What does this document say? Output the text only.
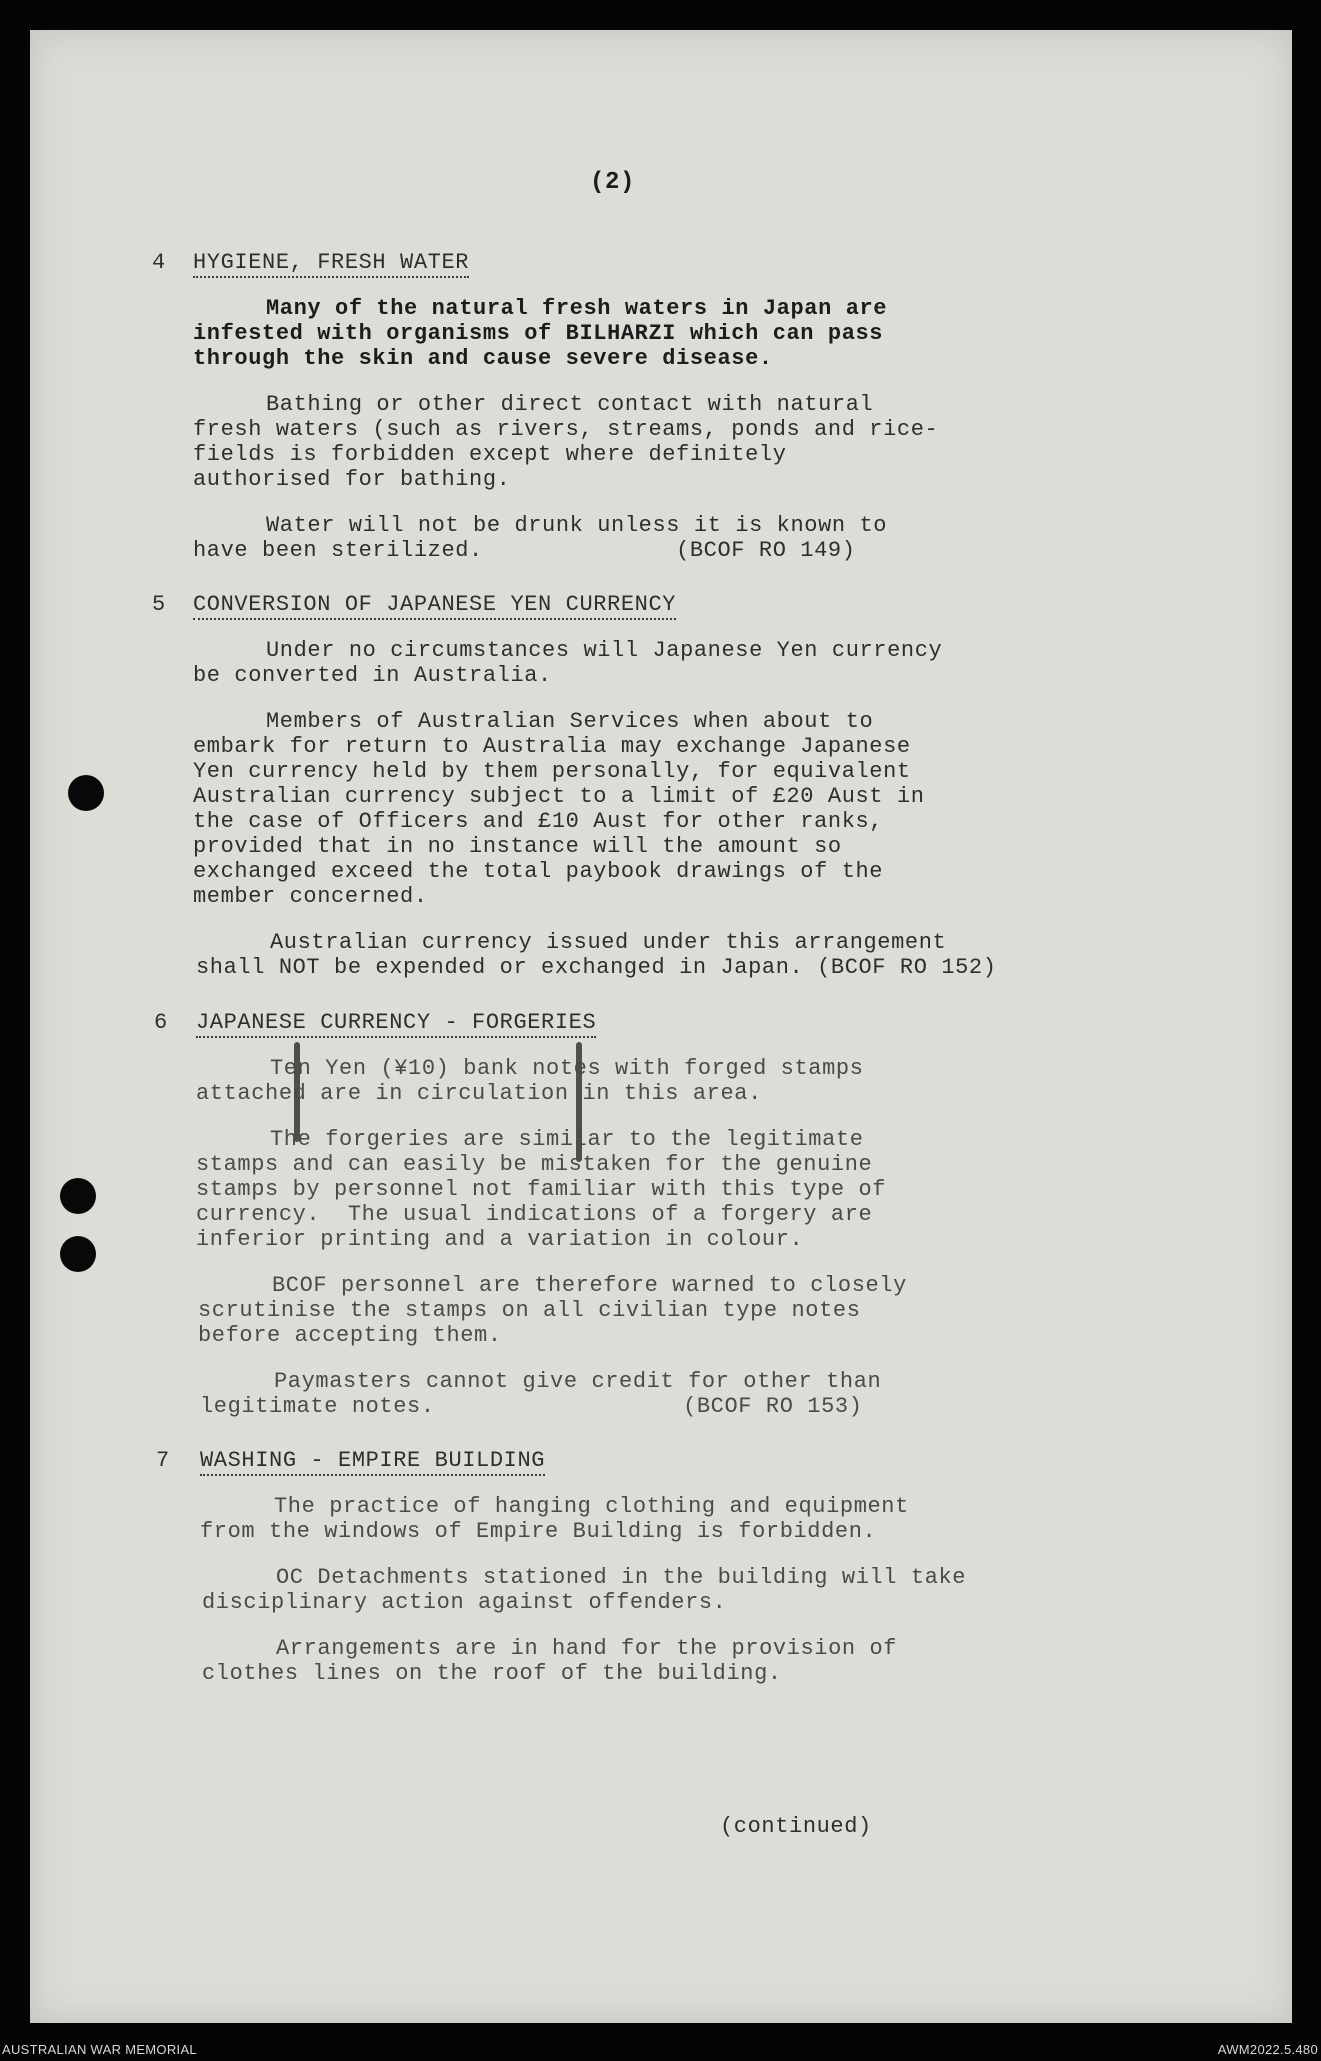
(2)
4 HYGIENE, FRESH WATER
Many of the natural fresh waters in Japan are
infested with organisms of BILHARZI which can pass
through the skin and cause severe disease.
Bathing or other direct contact with natural
fresh waters (such as rivers, streams, ponds and rice-
fields is forbidden except where definitely
authorised for bathing.
Water will not be drunk unless it is known to
have been sterilized.              (BCOF RO 149)
5 CONVERSION OF JAPANESE YEN CURRENCY
Under no circumstances will Japanese Yen currency
be converted in Australia.
Members of Australian Services when about to
embark for return to Australia may exchange Japanese
Yen currency held by them personally, for equivalent
Australian currency subject to a limit of £20 Aust in
the case of Officers and £10 Aust for other ranks,
provided that in no instance will the amount so
exchanged exceed the total paybook drawings of the
member concerned.
Australian currency issued under this arrangement
shall NOT be expended or exchanged in Japan. (BCOF RO 152)
6 JAPANESE CURRENCY - FORGERIES
Ten Yen (¥10) bank notes with forged stamps
attached are in circulation in this area.
The forgeries are similar to the legitimate
stamps and can easily be mistaken for the genuine
stamps by personnel not familiar with this type of
currency.  The usual indications of a forgery are
inferior printing and a variation in colour.
BCOF personnel are therefore warned to closely
scrutinise the stamps on all civilian type notes
before accepting them.
Paymasters cannot give credit for other than
legitimate notes.                  (BCOF RO 153)
7 WASHING - EMPIRE BUILDING
The practice of hanging clothing and equipment
from the windows of Empire Building is forbidden.
OC Detachments stationed in the building will take
disciplinary action against offenders.
Arrangements are in hand for the provision of
clothes lines on the roof of the building.
(continued)
AUSTRALIAN WAR MEMORIAL	AWM2022.5.480
